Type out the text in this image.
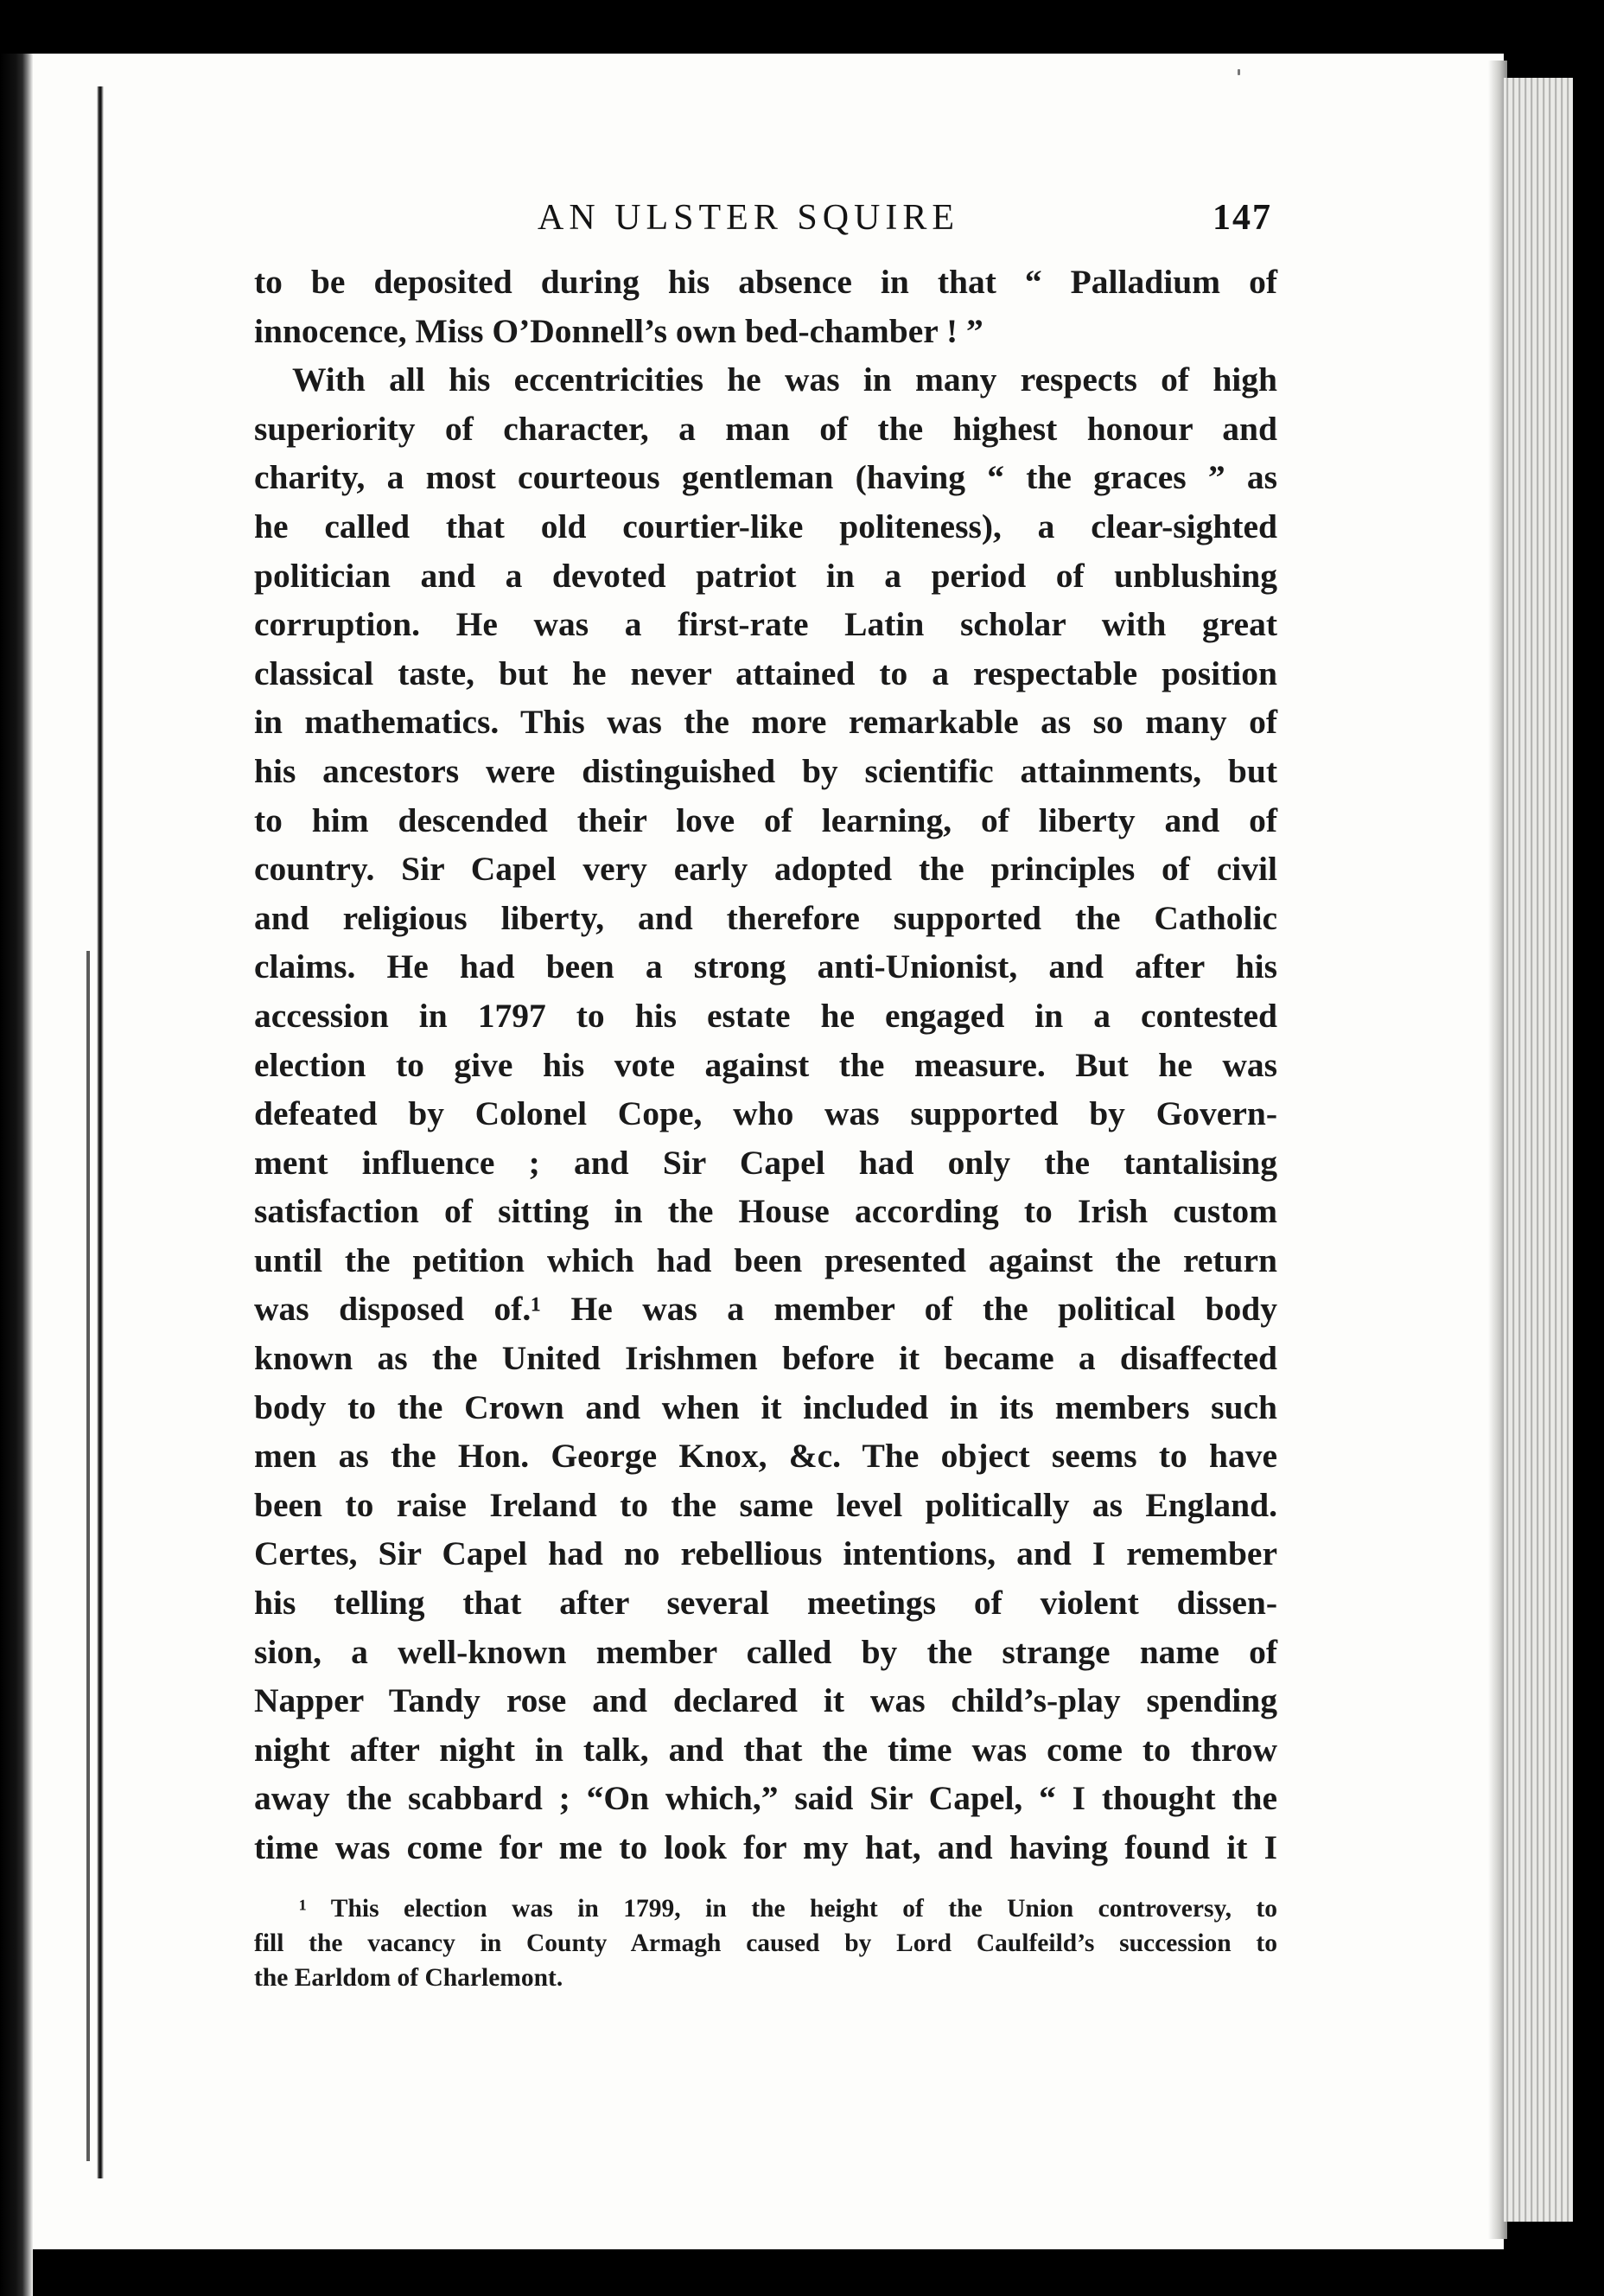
AN ULSTER SQUIRE	147
to be deposited during his absence in that “ Palladium of
innocence, Miss O’Donnell’s own bed-chamber ! ”
With all his eccentricities he was in many respects of high
superiority of character, a man of the highest honour and
charity, a most courteous gentleman (having “ the graces ” as
he called that old courtier-like politeness), a clear-sighted
politician and a devoted patriot in a period of unblushing
corruption. He was a first-rate Latin scholar with great
classical taste, but he never attained to a respectable position
in mathematics. This was the more remarkable as so many of
his ancestors were distinguished by scientific attainments, but
to him descended their love of learning, of liberty and of
country. Sir Capel very early adopted the principles of civil
and religious liberty, and therefore supported the Catholic
claims. He had been a strong anti-Unionist, and after his
accession in 1797 to his estate he engaged in a contested
election to give his vote against the measure. But he was
defeated by Colonel Cope, who was supported by Govern-
ment influence ; and Sir Capel had only the tantalising
satisfaction of sitting in the House according to Irish custom
until the petition which had been presented against the return
was disposed of.¹ He was a member of the political body
known as the United Irishmen before it became a disaffected
body to the Crown and when it included in its members such
men as the Hon. George Knox, &c. The object seems to have
been to raise Ireland to the same level politically as England.
Certes, Sir Capel had no rebellious intentions, and I remember
his telling that after several meetings of violent dissen-
sion, a well-known member called by the strange name of
Napper Tandy rose and declared it was child’s-play spending
night after night in talk, and that the time was come to throw
away the scabbard ; “On which,” said Sir Capel, “ I thought the
time was come for me to look for my hat, and having found it I
¹ This election was in 1799, in the height of the Union controversy, to
fill the vacancy in County Armagh caused by Lord Caulfeild’s succession to
the Earldom of Charlemont.
